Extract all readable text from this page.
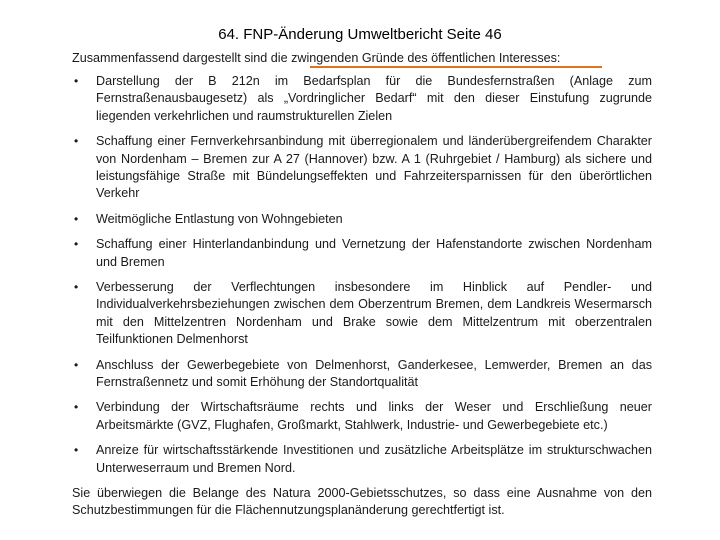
64. FNP-Änderung Umweltbericht Seite 46

Zusammenfassend dargestellt sind die zwingenden Gründe des öffentlichen Interesses:

• Darstellung der B 212n im Bedarfsplan für die Bundesfernstraßen (Anlage zum Fernstraßenausbaugesetz) als „Vordringlicher Bedarf“ mit den dieser Einstufung zugrunde liegenden verkehrlichen und raumstrukturellen Zielen
• Schaffung einer Fernverkehrsanbindung mit überregionalem und länderübergreifendem Charakter von Nordenham – Bremen zur A 27 (Hannover) bzw. A 1 (Ruhrgebiet / Hamburg) als sichere und leistungsfähige Straße mit Bündelungseffekten und Fahrzeitersparnissen für den überörtlichen Verkehr
• Weitmögliche Entlastung von Wohngebieten
• Schaffung einer Hinterlandanbindung und Vernetzung der Hafenstandorte zwischen Nordenham und Bremen
• Verbesserung der Verflechtungen insbesondere im Hinblick auf Pendler- und Individualverkehrsbeziehungen zwischen dem Oberzentrum Bremen, dem Landkreis Wesermarsch mit den Mittelzentren Nordenham und Brake sowie dem Mittelzentrum mit oberzentralen Teilfunktionen Delmenhorst
• Anschluss der Gewerbegebiete von Delmenhorst, Ganderkesee, Lemwerder, Bremen an das Fernstraßennetz und somit Erhöhung der Standortqualität
• Verbindung der Wirtschaftsräume rechts und links der Weser und Erschließung neuer Arbeitsmärkte (GVZ, Flughafen, Großmarkt, Stahlwerk, Industrie- und Gewerbegebiete etc.)
• Anreize für wirtschaftsstärkende Investitionen und zusätzliche Arbeitsplätze im strukturschwachen Unterweserraum und Bremen Nord.

Sie überwiegen die Belange des Natura 2000-Gebietsschutzes, so dass eine Ausnahme von den Schutzbestimmungen für die Flächennutzungsplanänderung gerechtfertigt ist.
